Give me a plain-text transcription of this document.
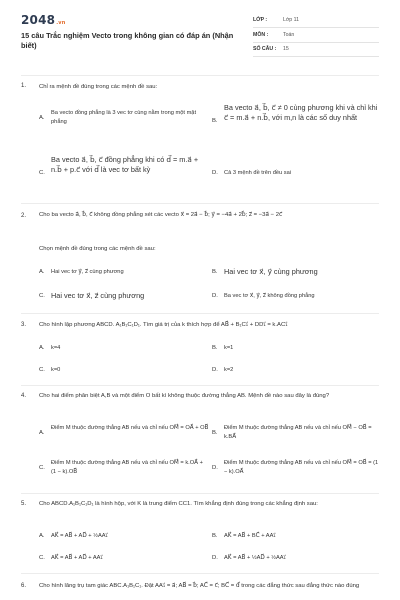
2048.vn
15 câu Trắc nghiệm Vecto trong không gian có đáp án (Nhận biết)
LỚP :	Lớp 11
MÔN :	Toán
SỐ CÂU : 15
1. Chỉ ra mệnh đề đúng trong các mệnh đề sau:
A.
Ba vecto đồng phẳng là 3 vec tơ cùng nằm trong một mặt phẳng	B.
Ba vecto a⃗, b⃗, c⃗ ≠ 0 cùng phương khi và chỉ khi c⃗ = m.a⃗ + n.b⃗, với m,n là các số duy nhất
C.
Ba vecto a⃗, b⃗, c⃗ đồng phẳng khi có d⃗ = m.a⃗ + n.b⃗ + p.c⃗ với d⃗ là vec tơ bất kỳ	D. Cả 3 mệnh đề trên đều sai
2. Cho ba vecto a⃗, b⃗, c⃗ không đồng phẳng xét các vecto x⃗ = 2a⃗ − b⃗; y⃗ = −4a⃗ + 2b⃗; z⃗ = −3a⃗ − 2c⃗
Chọn mệnh đề đúng trong các mệnh đề sau:
A. Hai vec tơ y⃗, z⃗ cùng phương	B. Hai vec tơ x⃗, y⃗ cùng phương
C. Hai vec tơ x⃗, z⃗ cùng phương	D. Ba vec tơ x⃗, y⃗, z⃗ không đồng phẳng
3. Cho hình lập phương ABCD. A₁B₁C₁D₁. Tìm giá trị của k thích hợp để AB⃗ + B₁C₁⃗ + DD₁⃗ = k.AC₁⃗
A. k=4	B. k=1
C. k=0	D. k=2
4. Cho hai điểm phân biệt A,B và một điểm O bất kì không thuộc đường thẳng AB. Mệnh đề nào sau đây là đúng?
A.
Điểm M thuộc đường thẳng AB nếu và chỉ nếu OM⃗ = OA⃗ + OB⃗
B.
Điểm M thuộc đường thẳng AB nếu và chỉ nếu OM⃗ − OB⃗ = k.BA⃗
C.
Điểm M thuộc đường thẳng AB nếu và chỉ nếu OM⃗ = k.OA⃗ + (1 − k).OB⃗
D.
Điểm M thuộc đường thẳng AB nếu và chỉ nếu OM⃗ = OB⃗ = (1 − k).OA⃗
5. Cho ABCD.A₁B₁C₁D₁ là hình hộp, với K là trung điểm CC1. Tìm khẳng định đúng trong các khẳng định sau:
A. AK⃗ = AB⃗ + AD⃗ + ½AA₁⃗	B. AK⃗ = AB⃗ + BC⃗ + AA₁⃗
C. AK⃗ = AB⃗ + AD⃗ + AA₁⃗	D. AK⃗ = AB⃗ + ½AD⃗ + ½AA₁⃗
6. Cho hình lăng trụ tam giác ABC.A₁B₁C₁. Đặt AA₁⃗ = a⃗; AB⃗ = b⃗; AC⃗ = c⃗; BC⃗ = d⃗ trong các đẳng thức sau đẳng thức nào đúng
